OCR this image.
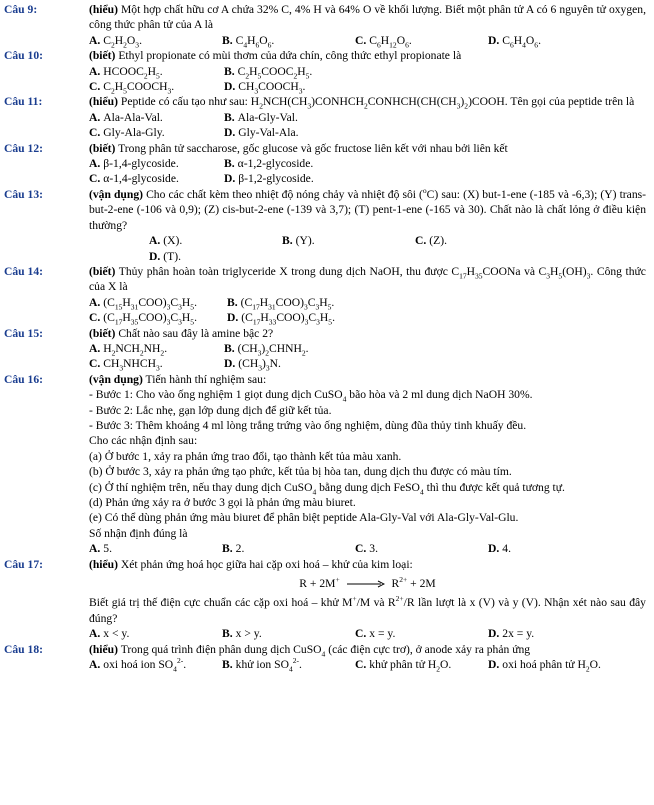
Câu 9:	(hiểu) Một hợp chất hữu cơ A chứa 32% C, 4% H và 64% O về khối lượng. Biết một phân tử A có 6 nguyên tử oxygen, công thức phân tử của A là
A. $C_2H_2O_3$.	B. $C_4H_6O_6$.	C. $C_6H_{12}O_6$.	D. $C_6H_4O_6$.
Câu 10:	(biết) Ethyl propionate có mùi thơm của dứa chín, công thức ethyl propionate là
A. $HCOOC_2H_5$.	B. $C_2H_5COOC_2H_5$.
C. $C_2H_5COOCH_3$.	D. $CH_3COOCH_3$.
Câu 11:	(hiểu) Peptide có cấu tạo như sau: $H_2NCH(CH_3)CONHCH_2CONHCH(CH(CH_3)_2)COOH$. Tên gọi của peptide trên là
A. Ala-Ala-Val.	B. Ala-Gly-Val.
C. Gly-Ala-Gly.	D. Gly-Val-Ala.
Câu 12:	(biết) Trong phân tử saccharose, gốc glucose và gốc fructose liên kết với nhau bởi liên kết
A. β-1,4-glycoside.	B. α-1,2-glycoside.
C. α-1,4-glycoside.	D. β-1,2-glycoside.
Câu 13:	(vận dụng) Cho các chất kèm theo nhiệt độ nóng chảy và nhiệt độ sôi ($^o$C) sau: (X) but-1-ene (-185 và -6,3); (Y) trans-but-2-ene (-106 và 0,9); (Z) cis-but-2-ene (-139 và 3,7); (T) pent-1-ene (-165 và 30). Chất nào là chất lỏng ở điều kiện thường?
A. (X).	B. (Y).	C. (Z).
D. (T).
Câu 14:	(biết) Thủy phân hoàn toàn triglyceride X trong dung dịch NaOH, thu được $C_{17}H_{35}COONa$ và $C_3H_5(OH)_3$. Công thức của X là
A. $(C_{15}H_{31}COO)_3C_3H_5$.	B. $(C_{17}H_{31}COO)_3C_3H_5$.
C. $(C_{17}H_{35}COO)_3C_3H_5$.	D. $(C_{17}H_{33}COO)_3C_3H_5$.
Câu 15:	(biết) Chất nào sau đây là amine bậc 2?
A. $H_2NCH_2NH_2$.	B. $(CH_3)_2CHNH_2$.
C. $CH_3NHCH_3$.	D. $(CH_3)_3N$.
Câu 16:	(vận dụng) Tiến hành thí nghiệm sau:
- Bước 1: Cho vào ống nghiệm 1 giọt dung dịch CuSO$_4$ bão hòa và 2 ml dung dịch NaOH 30%.
- Bước 2: Lắc nhẹ, gạn lớp dung dịch để giữ kết tủa.
- Bước 3: Thêm khoảng 4 ml lòng trắng trứng vào ống nghiệm, dùng đũa thủy tinh khuấy đều.
Cho các nhận định sau:
(a) Ở bước 1, xảy ra phản ứng trao đổi, tạo thành kết tủa màu xanh.
(b) Ở bước 3, xảy ra phản ứng tạo phức, kết tủa bị hòa tan, dung dịch thu được có màu tím.
(c) Ở thí nghiệm trên, nếu thay dung dịch CuSO$_4$ bằng dung dịch FeSO$_4$ thì thu được kết quả tương tự.
(d) Phản ứng xảy ra ở bước 3 gọi là phản ứng màu biuret.
(e) Có thể dùng phản ứng màu biuret để phân biệt peptide Ala-Gly-Val với Ala-Gly-Val-Glu.
Số nhận định đúng là
A. 5.	B. 2.	C. 3.	D. 4.
Câu 17:	(hiểu) Xét phản ứng hoá học giữa hai cặp oxi hoá – khử của kim loại:
$R + 2M^+ \to R^{2+} + 2M$
Biết giá trị thế điện cực chuẩn các cặp oxi hoá – khử M+/M và $R^{2+}/R$ lần lượt là x (V) và y (V). Nhận xét nào sau đây đúng?
A. x < y.	B. x > y.	C. x = y.	D. 2x = y.
Câu 18:	(hiểu) Trong quá trình điện phân dung dịch CuSO$_4$ (các điện cực trơ), ở anode xảy ra phản ứng
A. oxi hoá ion $SO_4^{2-}$.	B. khử ion $SO_4^{2-}$.	C. khử phân tử $H_2O$.	D. oxi hoá phân tử $H_2O$.
